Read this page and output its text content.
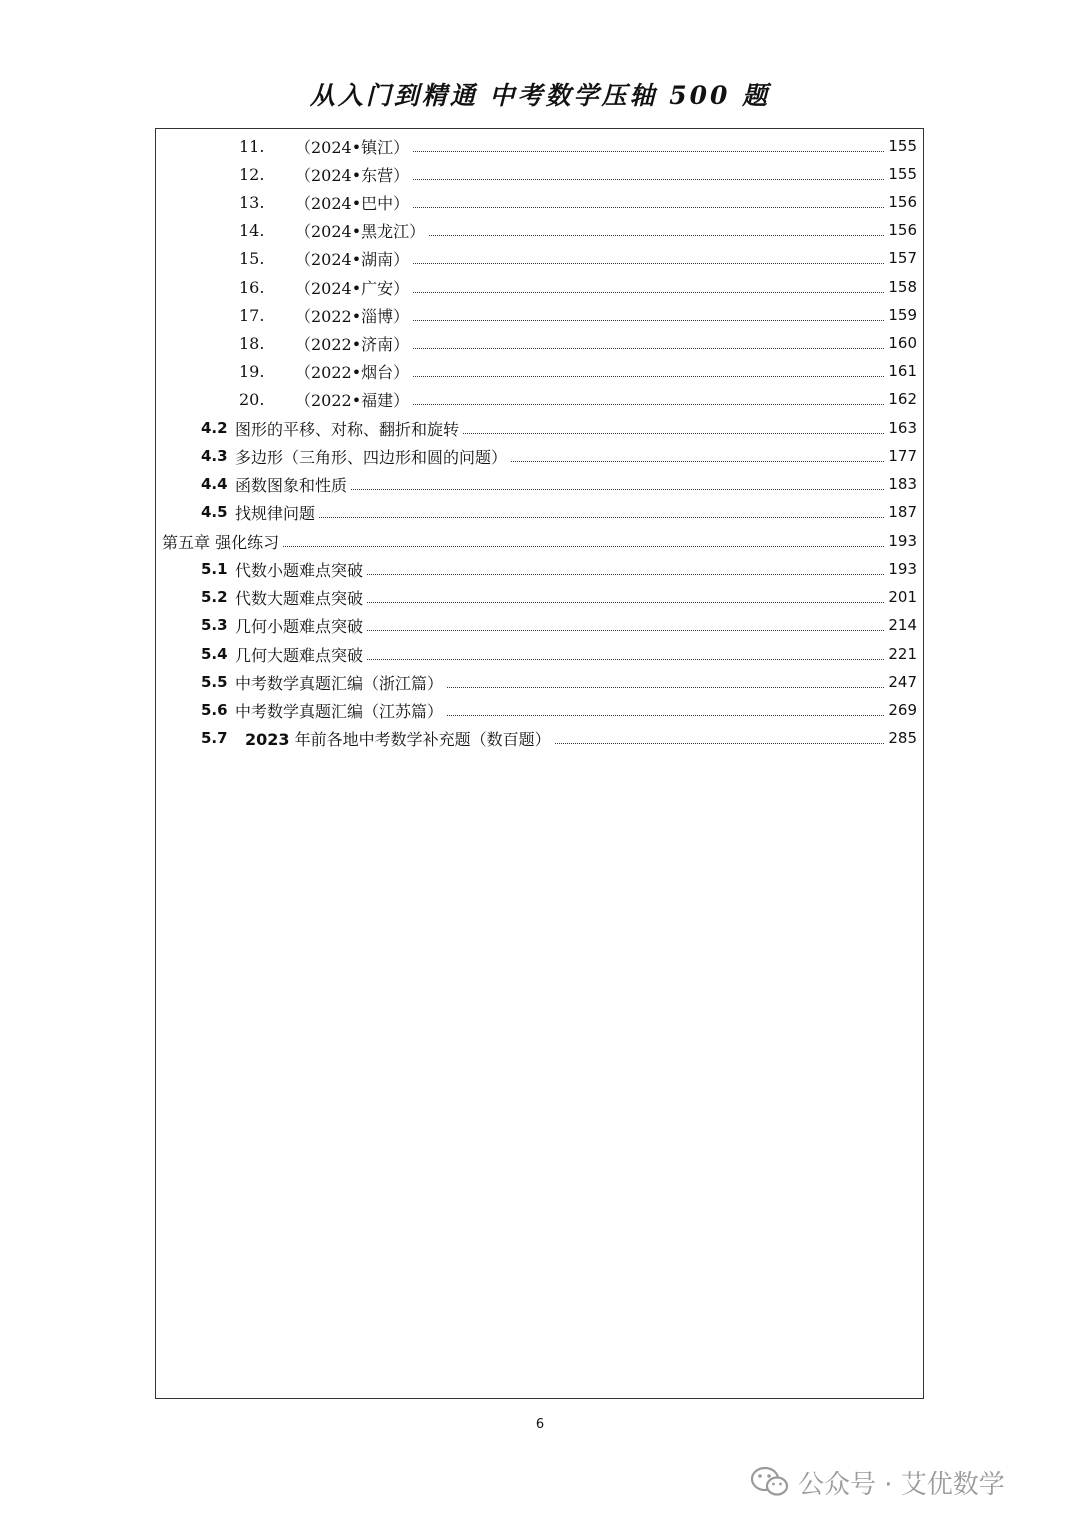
从入门到精通 中考数学压轴 500 题
11.	（2024•镇江）	155
12.	（2024•东营）	155
13.	（2024•巴中）	156
14.	（2024•黑龙江）	156
15.	（2024•湖南）	157
16.	（2024•广安）	158
17.	（2022•淄博）	159
18.	（2022•济南）	160
19.	（2022•烟台）	161
20.	（2022•福建）	162
4.2 图形的平移、对称、翻折和旋转	163
4.3 多边形（三角形、四边形和圆的问题）	177
4.4 函数图象和性质	183
4.5 找规律问题	187
第五章 强化练习	193
5.1 代数小题难点突破	193
5.2 代数大题难点突破	201
5.3 几何小题难点突破	214
5.4 几何大题难点突破	221
5.5 中考数学真题汇编（浙江篇）	247
5.6 中考数学真题汇编（江苏篇）	269
5.7	2023 年前各地中考数学补充题（数百题）	285
6
公众号 · 艾优数学
